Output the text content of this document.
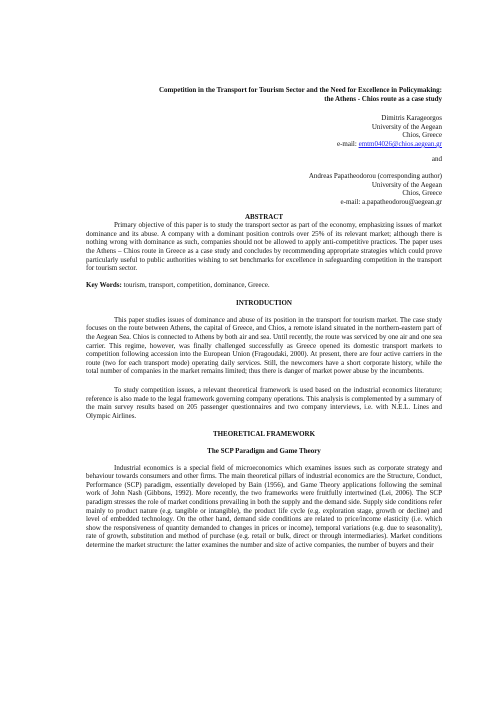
Competition in the Transport for Tourism Sector and the Need for Excellence in Policymaking:
the Athens - Chios route as a case study
Dimitris Karageorgos
University of the Aegean
Chios, Greece
e-mail: emtm04026@chios.aegean.gr
and
Andreas Papatheodorou (corresponding author)
University of the Aegean
Chios, Greece
e-mail: a.papatheodorou@aegean.gr
ABSTRACT

Primary objective of this paper is to study the transport sector as part of the economy, emphasizing issues of market dominance and its abuse. A company with a dominant position controls over 25% of its relevant market; although there is nothing wrong with dominance as such, companies should not be allowed to apply anti-competitive practices. The paper uses the Athens – Chios route in Greece as a case study and concludes by recommending appropriate strategies which could prove particularly useful to public authorities wishing to set benchmarks for excellence in safeguarding competition in the transport for tourism sector.

Key Words: tourism, transport, competition, dominance, Greece.

INTRODUCTION

This paper studies issues of dominance and abuse of its position in the transport for tourism market. The case study focuses on the route between Athens, the capital of Greece, and Chios, a remote island situated in the northern-eastern part of the Aegean Sea. Chios is connected to Athens by both air and sea. Until recently, the route was serviced by one air and one sea carrier. This regime, however, was finally challenged successfully as Greece opened its domestic transport markets to competition following accession into the European Union (Fragoudaki, 2000). At present, there are four active carriers in the route (two for each transport mode) operating daily services. Still, the newcomers have a short corporate history, while the total number of companies in the market remains limited; thus there is danger of market power abuse by the incumbents.

To study competition issues, a relevant theoretical framework is used based on the industrial economics literature; reference is also made to the legal framework governing company operations. This analysis is complemented by a summary of the main survey results based on 205 passenger questionnaires and two company interviews, i.e. with N.E.L. Lines and Olympic Airlines.

THEORETICAL FRAMEWORK
The SCP Paradigm and Game Theory

Industrial economics is a special field of microeconomics which examines issues such as corporate strategy and behaviour towards consumers and other firms. The main theoretical pillars of industrial economics are the Structure, Conduct, Performance (SCP) paradigm, essentially developed by Bain (1956), and Game Theory applications following the seminal work of John Nash (Gibbons, 1992). More recently, the two frameworks were fruitfully intertwined (Lei, 2006). The SCP paradigm stresses the role of market conditions prevailing in both the supply and the demand side. Supply side conditions refer mainly to product nature (e.g. tangible or intangible), the product life cycle (e.g. exploration stage, growth or decline) and level of embedded technology. On the other hand, demand side conditions are related to price/income elasticity (i.e. which show the responsiveness of quantity demanded to changes in prices or income), temporal variations (e.g. due to seasonality), rate of growth, substitution and method of purchase (e.g. retail or bulk, direct or through intermediaries). Market conditions determine the market structure: the latter examines the number and size of active companies, the number of buyers and their
